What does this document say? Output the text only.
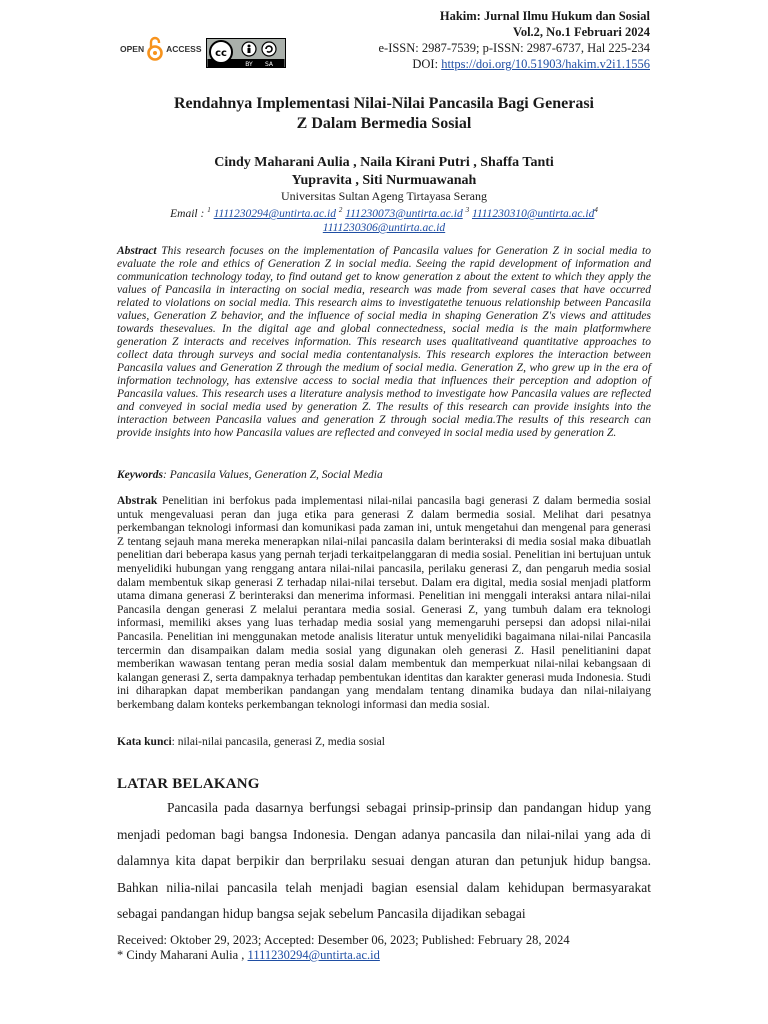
OPEN	ACCESS cc
BY SA
Hakim: Jurnal Ilmu Hukum dan Sosial
Vol.2, No.1 Februari 2024
e-ISSN: 2987-7539; p-ISSN: 2987-6737, Hal 225-234
DOI: https://doi.org/10.51903/hakim.v2i1.1556
Rendahnya Implementasi Nilai-Nilai Pancasila Bagi Generasi
Z Dalam Bermedia Sosial
Cindy Maharani Aulia , Naila Kirani Putri , Shaffa Tanti
Yupravita , Siti Nurmuawanah
Universitas Sultan Ageng Tirtayasa Serang
Email : $^1$ 1111230294@untirta.ac.id $^2$ 111230073@untirta.ac.id $^3$ $1111230310@untirta.ac.id^4$
1111230306@untirta.ac.id
Abstract This research focuses on the implementation of Pancasila values for Generation Z in social media to evaluate the role and ethics of Generation Z in social media. Seeing the rapid development of information and communication technology today, to find outand get to know generation z about the extent to which they apply the values of Pancasila in interacting on social media, research was made from several cases that have occurred related to violations on social media. This research aims to investigatethe tenuous relationship between Pancasila values, Generation Z behavior, and the influence of social media in shaping Generation Z's views and attitudes towards thesevalues. In the digital age and global connectedness, social media is the main platformwhere generation Z interacts and receives information. This research uses qualitativeand quantitative approaches to collect data through surveys and social media contentanalysis. This research explores the interaction between Pancasila values and Generation Z through the medium of social media. Generation Z, who grew up in the era of information technology, has extensive access to social media that influences their perception and adoption of Pancasila values. This research uses a literature analysis method to investigate how Pancasila values are reflected and conveyed in social media used by generation Z. The results of this research can provide insights into the interaction between Pancasila values and generation Z through social media.The results of this research can provide insights into how Pancasila values are reflected and conveyed in social media used by generation Z.
Keywords: Pancasila Values, Generation Z, Social Media
Abstrak Penelitian ini berfokus pada implementasi nilai-nilai pancasila bagi generasi Z dalam bermedia sosial untuk mengevaluasi peran dan juga etika para generasi Z dalam bermedia sosial. Melihat dari pesatnya perkembangan teknologi informasi dan komunikasi pada zaman ini, untuk mengetahui dan mengenal para generasi Z tentang sejauh mana mereka menerapkan nilai-nilai pancasila dalam berinteraksi di media sosial maka dibuatlah penelitian dari beberapa kasus yang pernah terjadi terkaitpelanggaran di media sosial. Penelitian ini bertujuan untuk menyelidiki hubungan yang renggang antara nilai-nilai pancasila, perilaku generasi Z, dan pengaruh media sosial dalam membentuk sikap generasi Z terhadap nilai-nilai tersebut. Dalam era digital, media sosial menjadi platform utama dimana generasi Z berinteraksi dan menerima informasi. Penelitian ini menggali interaksi antara nilai-nilai Pancasila dengan generasi Z melalui perantara media sosial. Generasi Z, yang tumbuh dalam era teknologi informasi, memiliki akses yang luas terhadap media sosial yang memengaruhi persepsi dan adopsi nilai-nilai Pancasila. Penelitian ini menggunakan metode analisis literatur untuk menyelidiki bagaimana nilai-nilai Pancasila tercermin dan disampaikan dalam media sosial yang digunakan oleh generasi Z. Hasil penelitianini dapat memberikan wawasan tentang peran media sosial dalam membentuk dan memperkuat nilai-nilai kebangsaan di kalangan generasi Z, serta dampaknya terhadap pembentukan identitas dan karakter generasi muda Indonesia. Studi ini diharapkan dapat memberikan pandangan yang mendalam tentang dinamika budaya dan nilai-nilaiyang berkembang dalam konteks perkembangan teknologi informasi dan media sosial.
Kata kunci: nilai-nilai pancasila, generasi Z, media sosial
LATAR BELAKANG
Pancasila pada dasarnya berfungsi sebagai prinsip-prinsip dan pandangan hidup yang menjadi pedoman bagi bangsa Indonesia. Dengan adanya pancasila dan nilai-nilai yang ada di dalamnya kita dapat berpikir dan berprilaku sesuai dengan aturan dan petunjuk hidup bangsa. Bahkan nilia-nilai pancasila telah menjadi bagian esensial dalam kehidupan bermasyarakat sebagai pandangan hidup bangsa sejak sebelum Pancasila dijadikan sebagai
Received: Oktober 29, 2023; Accepted: Desember 06, 2023; Published: February 28, 2024
* Cindy Maharani Aulia , 1111230294@untirta.ac.id
